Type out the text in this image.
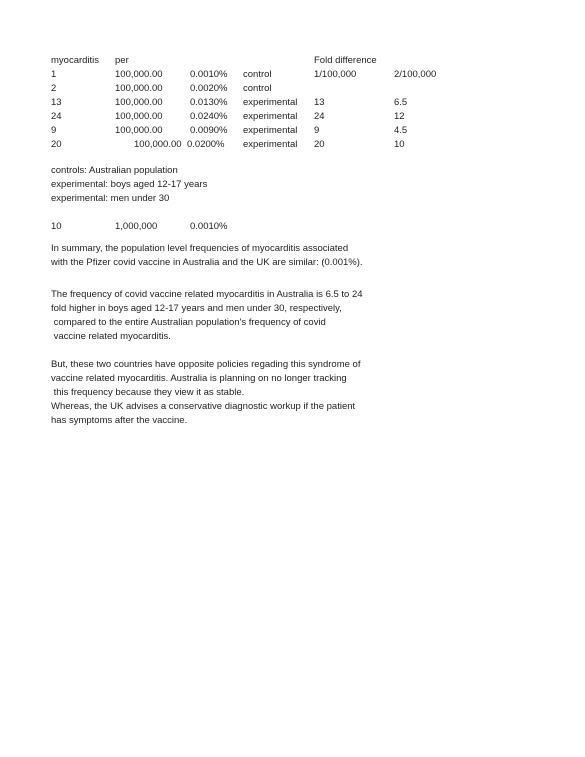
myocarditis per	Fold difference
1	100,000.00	0.0010% control	1/100,000	2/100,000
2	100,000.00	0.0020% control
13	100,000.00	0.0130% experimental 13	6.5
24	100,000.00	0.0240% experimental 24	12
9	100,000.00	0.0090% experimental 9	4.5
20	100,000.00 0.0200% experimental 20	10
controls: Australian population
experimental: boys aged 12-17 years
experimental: men under 30
10	1,000,000	0.0010%
In summary, the population level frequencies of myocarditis associated
with the Pfizer covid vaccine in Australia and the UK are similar: (0.001%).
The frequency of covid vaccine related myocarditis in Australia is 6.5 to 24
fold higher in boys aged 12-17 years and men under 30, respectively,
compared to the entire Australian population's frequency of covid
vaccine related myocarditis.
But, these two countries have opposite policies regading this syndrome of
vaccine related myocarditis. Australia is planning on no longer tracking
this frequency because they view it as stable.
Whereas, the UK advises a conservative diagnostic workup if the patient
has symptoms after the vaccine.
